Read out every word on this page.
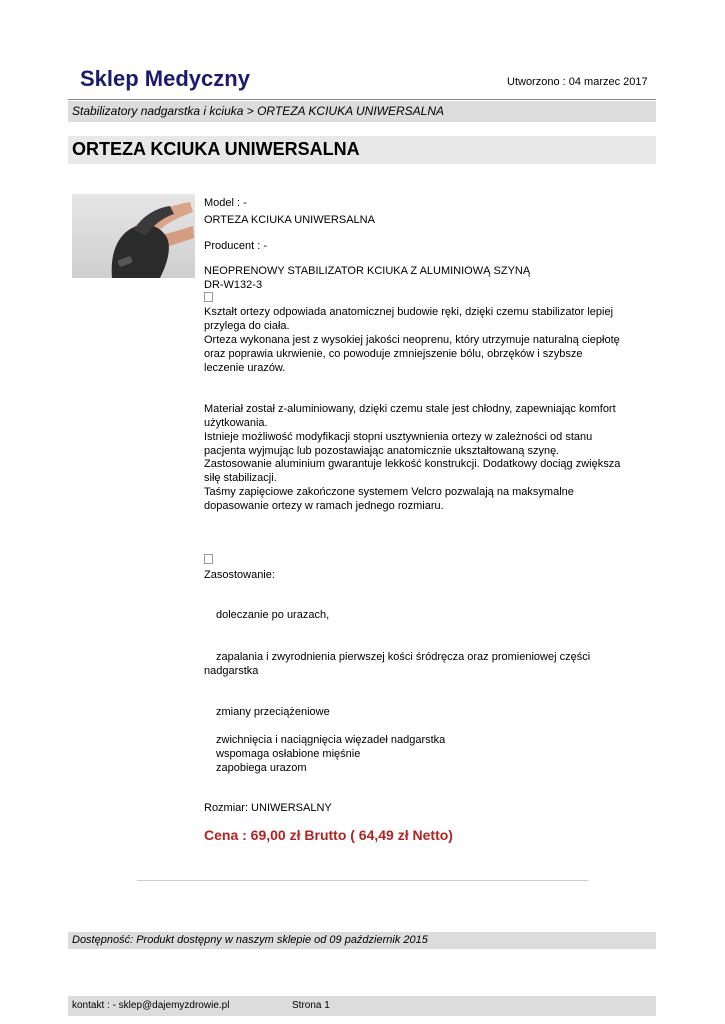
Sklep Medyczny	Utworzono : 04 marzec 2017
Stabilizatory nadgarstka i kciuka > ORTEZA KCIUKA UNIWERSALNA
ORTEZA KCIUKA UNIWERSALNA
Model : -
ORTEZA KCIUKA UNIWERSALNA
Producent : -
NEOPRENOWY STABILIZATOR KCIUKA Z ALUMINIOWĄ SZYNĄ
DR-W132-3
Kształt ortezy odpowiada anatomicznej budowie ręki, dzięki czemu stabilizator lepiej przylega do ciała.
Orteza wykonana jest z wysokiej jakości neoprenu, który utrzymuje naturalną ciepłotę oraz poprawia ukrwienie, co powoduje zmniejszenie bólu, obrzęków i szybsze leczenie urazów.
Materiał został z-aluminiowany, dzięki czemu stale jest chłodny, zapewniając komfort użytkowania.
Istnieje możliwość modyfikacji stopni usztywnienia ortezy w zależności od stanu pacjenta wyjmując lub pozostawiając anatomicznie ukształtowaną szynę.
Zastosowanie aluminium gwarantuje lekkość konstrukcji. Dodatkowy dociąg zwiększa siłę stabilizacji.
Taśmy zapięciowe zakończone systemem Velcro pozwalają na maksymalne dopasowanie ortezy w ramach jednego rozmiaru.
Zasostowanie:
doleczanie po urazach,
zapalania i zwyrodnienia pierwszej kości śródręcza oraz promieniowej części nadgarstka
zmiany przeciążeniowe
zwichnięcia i naciągnięcia więzadeł nadgarstka
wspomaga osłabione mięśnie
zapobiega urazom
Rozmiar: UNIWERSALNY
Cena : 69,00 zł Brutto ( 64,49 zł Netto)
Dostępność: Produkt dostępny w naszym sklepie od 09 październik 2015
kontakt : - sklep@dajemyzdrowie.pl	Strona 1
